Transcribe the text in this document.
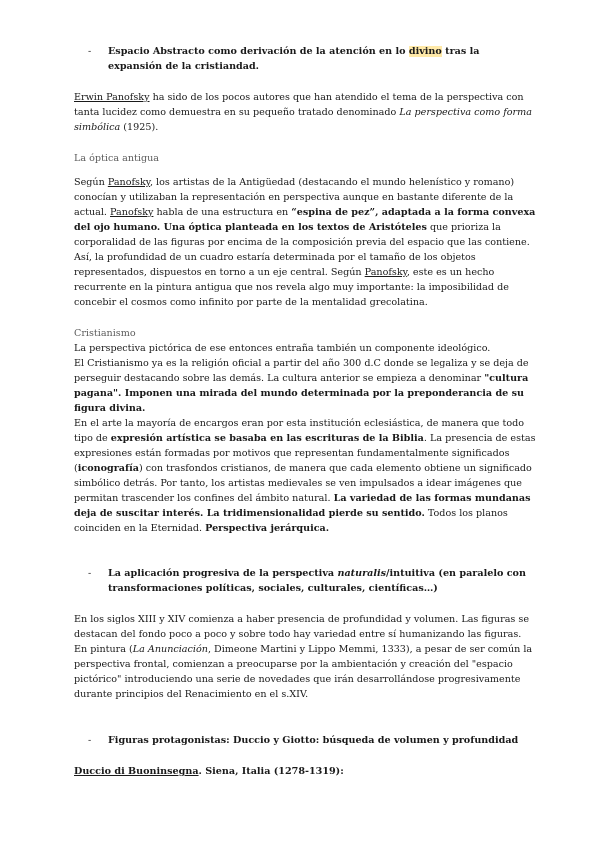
- Espacio Abstracto como derivación de la atención en lo divino tras la expansión de la cristiandad.

Erwin Panofsky ha sido de los pocos autores que han atendido el tema de la perspectiva con tanta lucidez como demuestra en su pequeño tratado denominado La perspectiva como forma simbólica (1925).

La óptica antigua

Según Panofsky, los artistas de la Antigüedad (destacando el mundo helenístico y romano) conocían y utilizaban la representación en perspectiva aunque en bastante diferente de la actual. Panofsky habla de una estructura en “espina de pez”, adaptada a la forma convexa del ojo humano. Una óptica planteada en los textos de Aristóteles que prioriza la corporalidad de las figuras por encima de la composición previa del espacio que las contiene. Así, la profundidad de un cuadro estaría determinada por el tamaño de los objetos representados, dispuestos en torno a un eje central. Según Panofsky, este es un hecho recurrente en la pintura antigua que nos revela algo muy importante: la imposibilidad de concebir el cosmos como infinito por parte de la mentalidad grecolatina.

Cristianismo

La perspectiva pictórica de ese entonces entraña también un componente ideológico.

El Cristianismo ya es la religión oficial a partir del año 300 d.C donde se legaliza y se deja de perseguir destacando sobre las demás. La cultura anterior se empieza a denominar "cultura pagana". Imponen una mirada del mundo determinada por la preponderancia de su figura divina.

En el arte la mayoría de encargos eran por esta institución eclesiástica, de manera que todo tipo de expresión artística se basaba en las escrituras de la Biblia. La presencia de estas expresiones están formadas por motivos que representan fundamentalmente significados (iconografía) con trasfondos cristianos, de manera que cada elemento obtiene un significado simbólico detrás. Por tanto, los artistas medievales se ven impulsados a idear imágenes que permitan trascender los confines del ámbito natural. La variedad de las formas mundanas deja de suscitar interés. La tridimensionalidad pierde su sentido. Todos los planos coinciden en la Eternidad. Perspectiva jerárquica.

- La aplicación progresiva de la perspectiva naturalis/intuitiva (en paralelo con transformaciones políticas, sociales, culturales, científicas…)

En los siglos XIII y XIV comienza a haber presencia de profundidad y volumen. Las figuras se destacan del fondo poco a poco y sobre todo hay variedad entre sí humanizando las figuras.

En pintura (La Anunciación, Dimeone Martini y Lippo Memmi, 1333), a pesar de ser común la perspectiva frontal, comienzan a preocuparse por la ambientación y creación del "espacio pictórico" introduciendo una serie de novedades que irán desarrollándose progresivamente durante principios del Renacimiento en el s.XIV.

- Figuras protagonistas: Duccio y Giotto: búsqueda de volumen y profundidad

Duccio di Buoninsegna. Siena, Italia (1278-1319):
